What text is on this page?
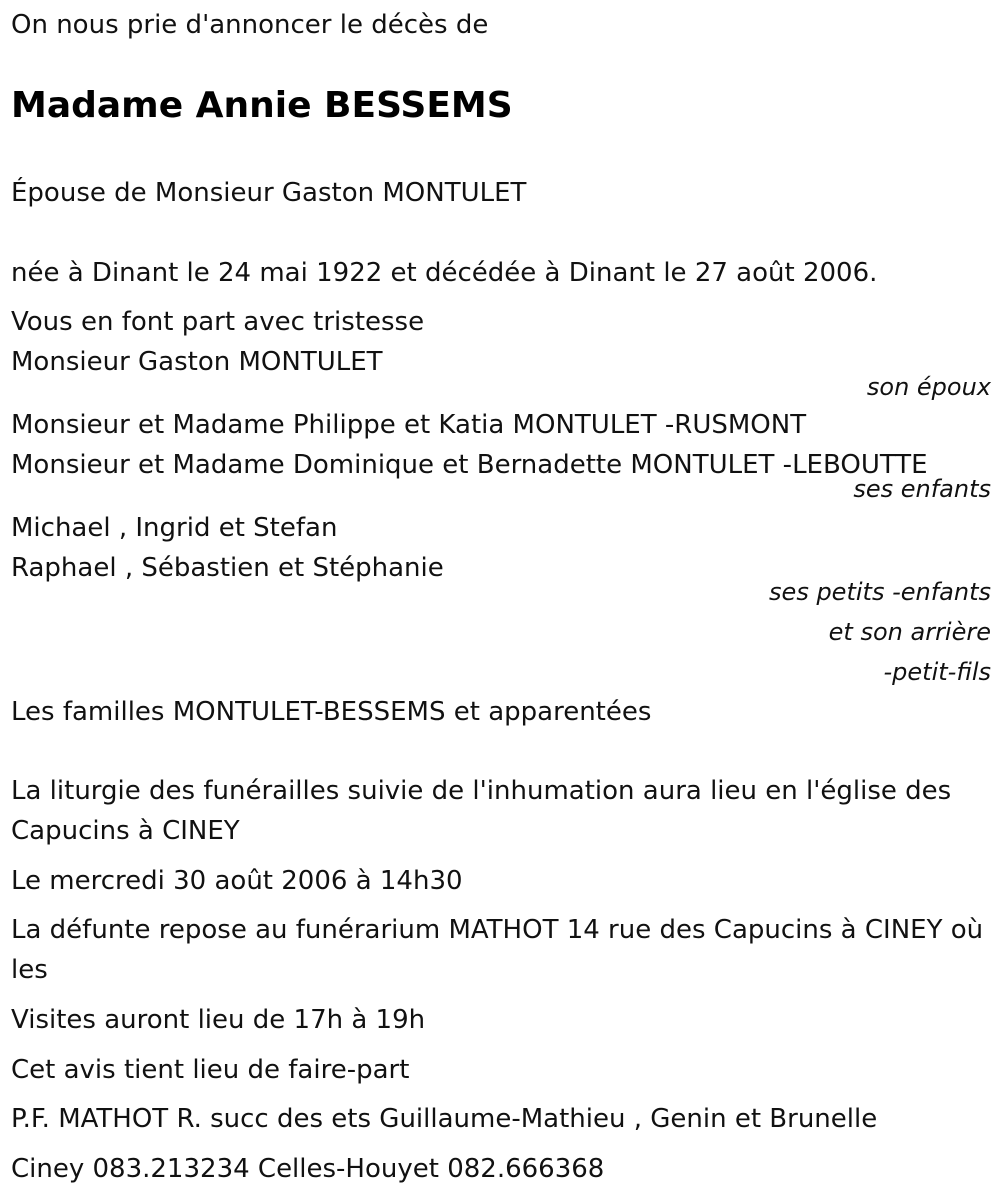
On nous prie d'annoncer le décès de
Madame Annie BESSEMS
Épouse de Monsieur Gaston MONTULET
née à Dinant le 24 mai 1922 et décédée à Dinant le 27 août 2006.
Vous en font part avec tristesse
Monsieur Gaston MONTULET
son époux
Monsieur et Madame Philippe et Katia MONTULET -RUSMONT
Monsieur et Madame Dominique et Bernadette MONTULET -LEBOUTTE
ses enfants
Michael , Ingrid et Stefan
Raphael , Sébastien et Stéphanie
ses petits -enfants
et son arrière
-petit-fils
Les familles MONTULET-BESSEMS et apparentées
La liturgie des funérailles suivie de l'inhumation aura lieu en l'église des Capucins à CINEY
Le mercredi 30 août 2006 à 14h30
La défunte repose au funérarium MATHOT 14 rue des Capucins à CINEY où les
Visites auront lieu de 17h à 19h
Cet avis tient lieu de faire-part
P.F. MATHOT R. succ des ets Guillaume-Mathieu , Genin et Brunelle
Ciney 083.213234 Celles-Houyet 082.666368
